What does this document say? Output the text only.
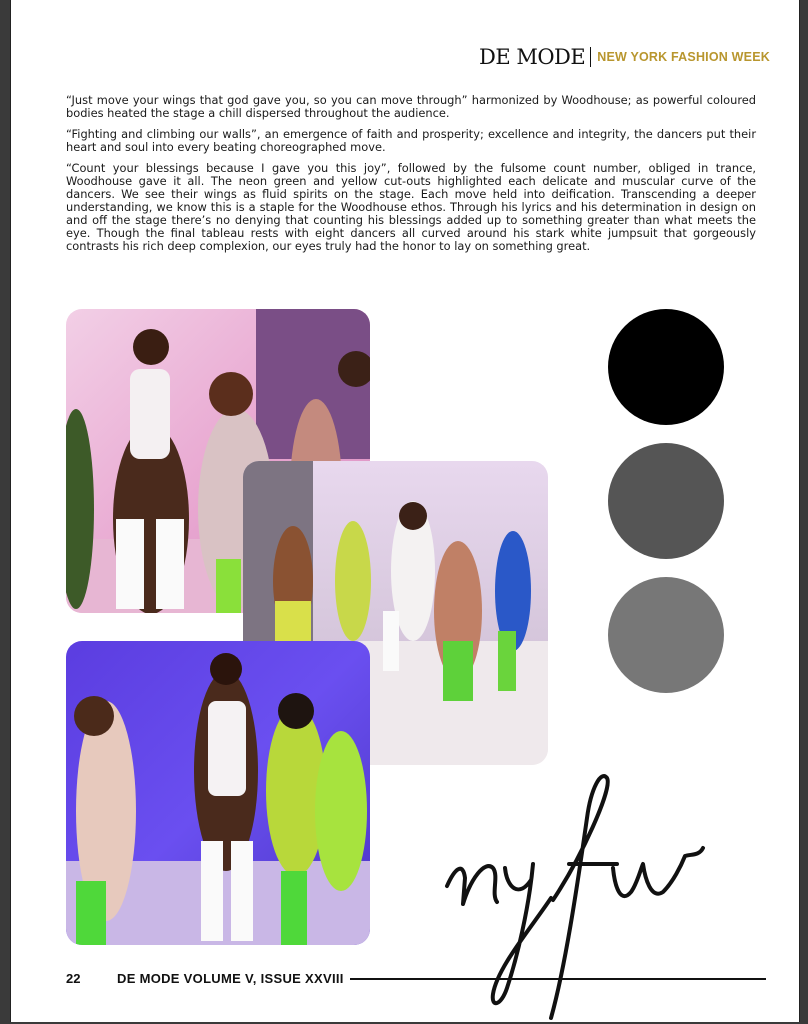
DE MODE NEW YORK FASHION WEEK

“Just move your wings that god gave you, so you can move through” harmonized by Woodhouse; as powerful coloured bodies heated the stage a chill dispersed throughout the audience.

“Fighting and climbing our walls”, an emergence of faith and prosperity; excellence and integrity, the dancers put their heart and soul into every beating choreographed move.

“Count your blessings because I gave you this joy”, followed by the fulsome count number, obliged in trance, Woodhouse gave it all. The neon green and yellow cut-outs highlighted each delicate and muscular curve of the dancers. We see their wings as fluid spirits on the stage. Each move held into deification. Transcending a deeper understanding, we know this is a staple for the Woodhouse ethos. Through his lyrics and his determination in design on and off the stage there’s no denying that counting his blessings added up to something greater than what meets the eye. Though the final tableau rests with eight dancers all curved around his stark white jumpsuit that gorgeously contrasts his rich deep complexion, our eyes truly had the honor to lay on something great.

22	DE MODE VOLUME V, ISSUE XXVIII
